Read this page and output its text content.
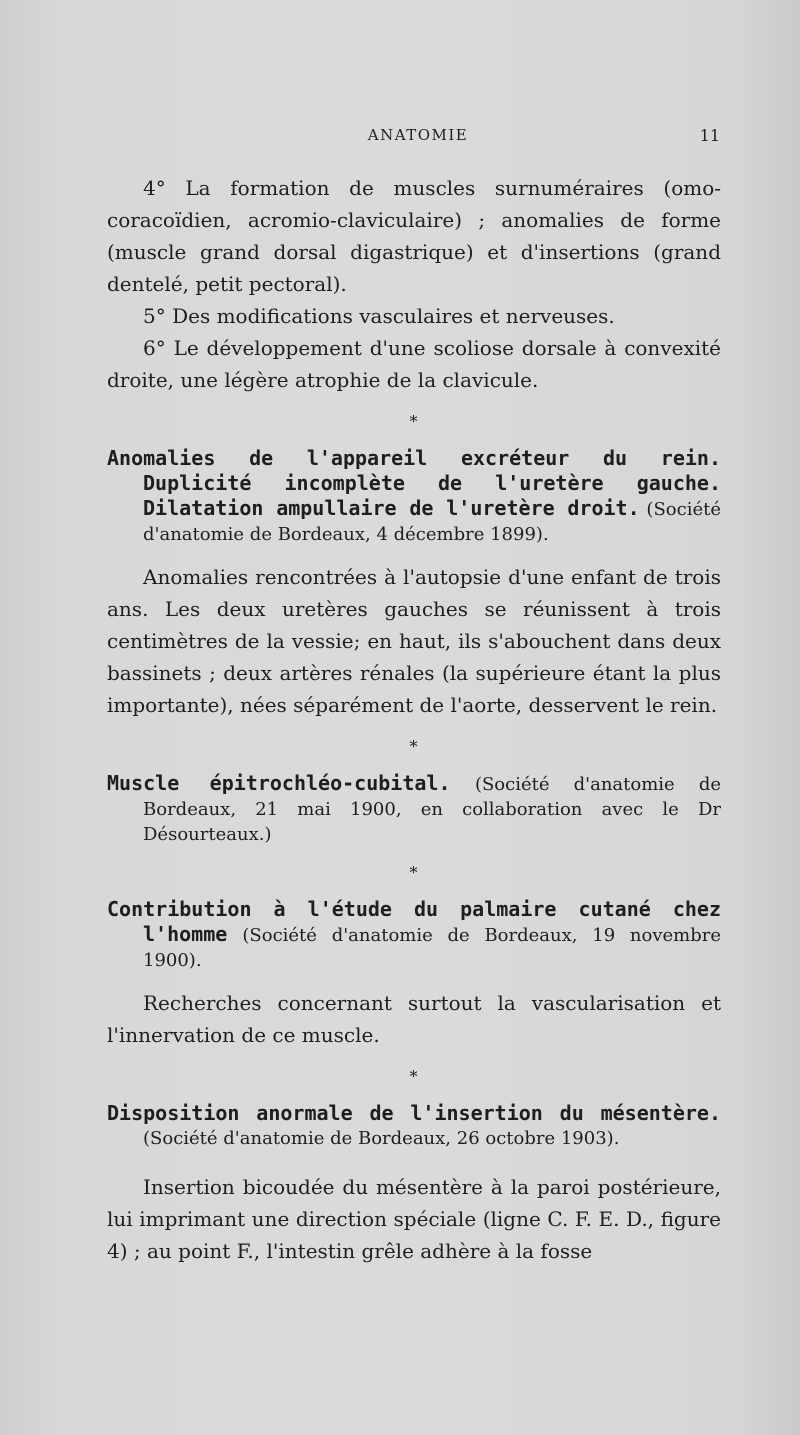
ANATOMIE	11

4° La formation de muscles surnuméraires (omo-coracoïdien, acromio-claviculaire) ; anomalies de forme (muscle grand dorsal digastrique) et d'insertions (grand dentelé, petit pectoral).

5° Des modifications vasculaires et nerveuses.

6° Le développement d'une scoliose dorsale à convexité droite, une légère atrophie de la clavicule.

*
Anomalies de l'appareil excréteur du rein. Duplicité incomplète de l'uretère gauche. Dilatation ampullaire de l'uretère droit. (Société d'anatomie de Bordeaux, 4 décembre 1899).

Anomalies rencontrées à l'autopsie d'une enfant de trois ans. Les deux uretères gauches se réunissent à trois centimètres de la vessie; en haut, ils s'abouchent dans deux bassinets ; deux artères rénales (la supérieure étant la plus importante), nées séparément de l'aorte, desservent le rein.

*
Muscle épitrochléo-cubital. (Société d'anatomie de Bordeaux, 21 mai 1900, en collaboration avec le Dr Désourteaux.)
*
Contribution à l'étude du palmaire cutané chez l'homme (Société d'anatomie de Bordeaux, 19 novembre 1900).

Recherches concernant surtout la vascularisation et l'innervation de ce muscle.

*
Disposition anormale de l'insertion du mésentère. (Société d'anatomie de Bordeaux, 26 octobre 1903).

Insertion bicoudée du mésentère à la paroi postérieure, lui imprimant une direction spéciale (ligne C. F. E. D., figure 4) ; au point F., l'intestin grêle adhère à la fosse
